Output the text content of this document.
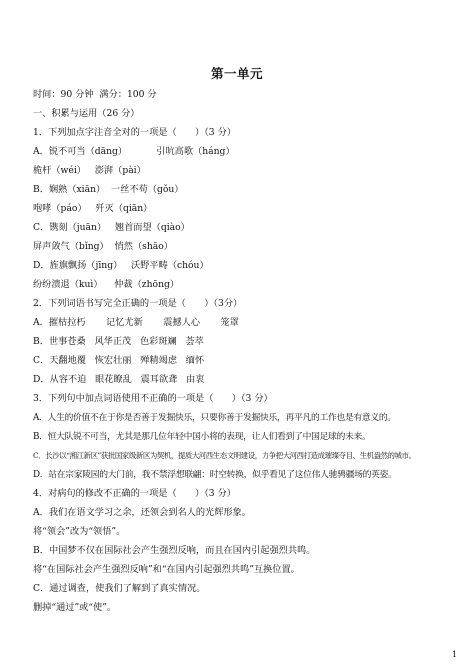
第一单元
时间：90 分钟  满分：100 分
一、积累与运用（26 分）
1．下列加点字注音全对的一项是（　　）（3 分）
A．锐不可当（dāng）          引吭高歌（háng）
桅杆（wéi）   澎湃（pài）
B．娴熟（xiān）  一丝不苟（gǒu）
咆哮（páo）   歼灭（qiān）
C．镌刻（juān）   翘首而望（qiào）
屏声敛气（bǐng）  悄然（shāo）
D．旌旗飘扬（jīng）   沃野平畴（chóu）
纷纷溃退（kuì）    仲裁（zhōng）
2．下列词语书写完全正确的一项是（　　）（3分）
A．摧枯拉朽       记忆尤新       震撼人心       笼罩
B．世事苍桑   风华正茂   色彩斑斓   荟萃
C．天翻地覆   恢宏壮丽   殚精竭虑   缅怀
D．从容不迫   眼花瞭乱   震耳欲聋   由衷
3．下列句中加点词语使用不正确的一项是（　　）（3 分）
A．人生的价值不在于你是否善于发掘快乐，只要你善于发掘快乐，再平凡的工作也是有意义的。
B．恒大队锐不可当，尤其是那几位年轻中国小将的表现，让人们看到了中国足球的未来。
C．长沙以“湘江新区”获批国家级新区为契机，提质大河西生态文明建设，力争把大河西打造成璀璨夺目、生机盎然的城市。
D．站在宗家陵园的大门前，我不禁浮想联翩：时空转换，似乎看见了这位伟人驰骋疆场的英姿。
4．对病句的修改不正确的一项是（　　）（3 分）
A．我们在语文学习之余，还领会到名人的光辉形象。
将“领会”改为“领悟”。
B．中国梦不仅在国际社会产生强烈反响，而且在国内引起强烈共鸣。
将“在国际社会产生强烈反响”和“在国内引起强烈共鸣”互换位置。
C．通过调查，使我们了解到了真实情况。
删掉“通过”或“使”。
1
